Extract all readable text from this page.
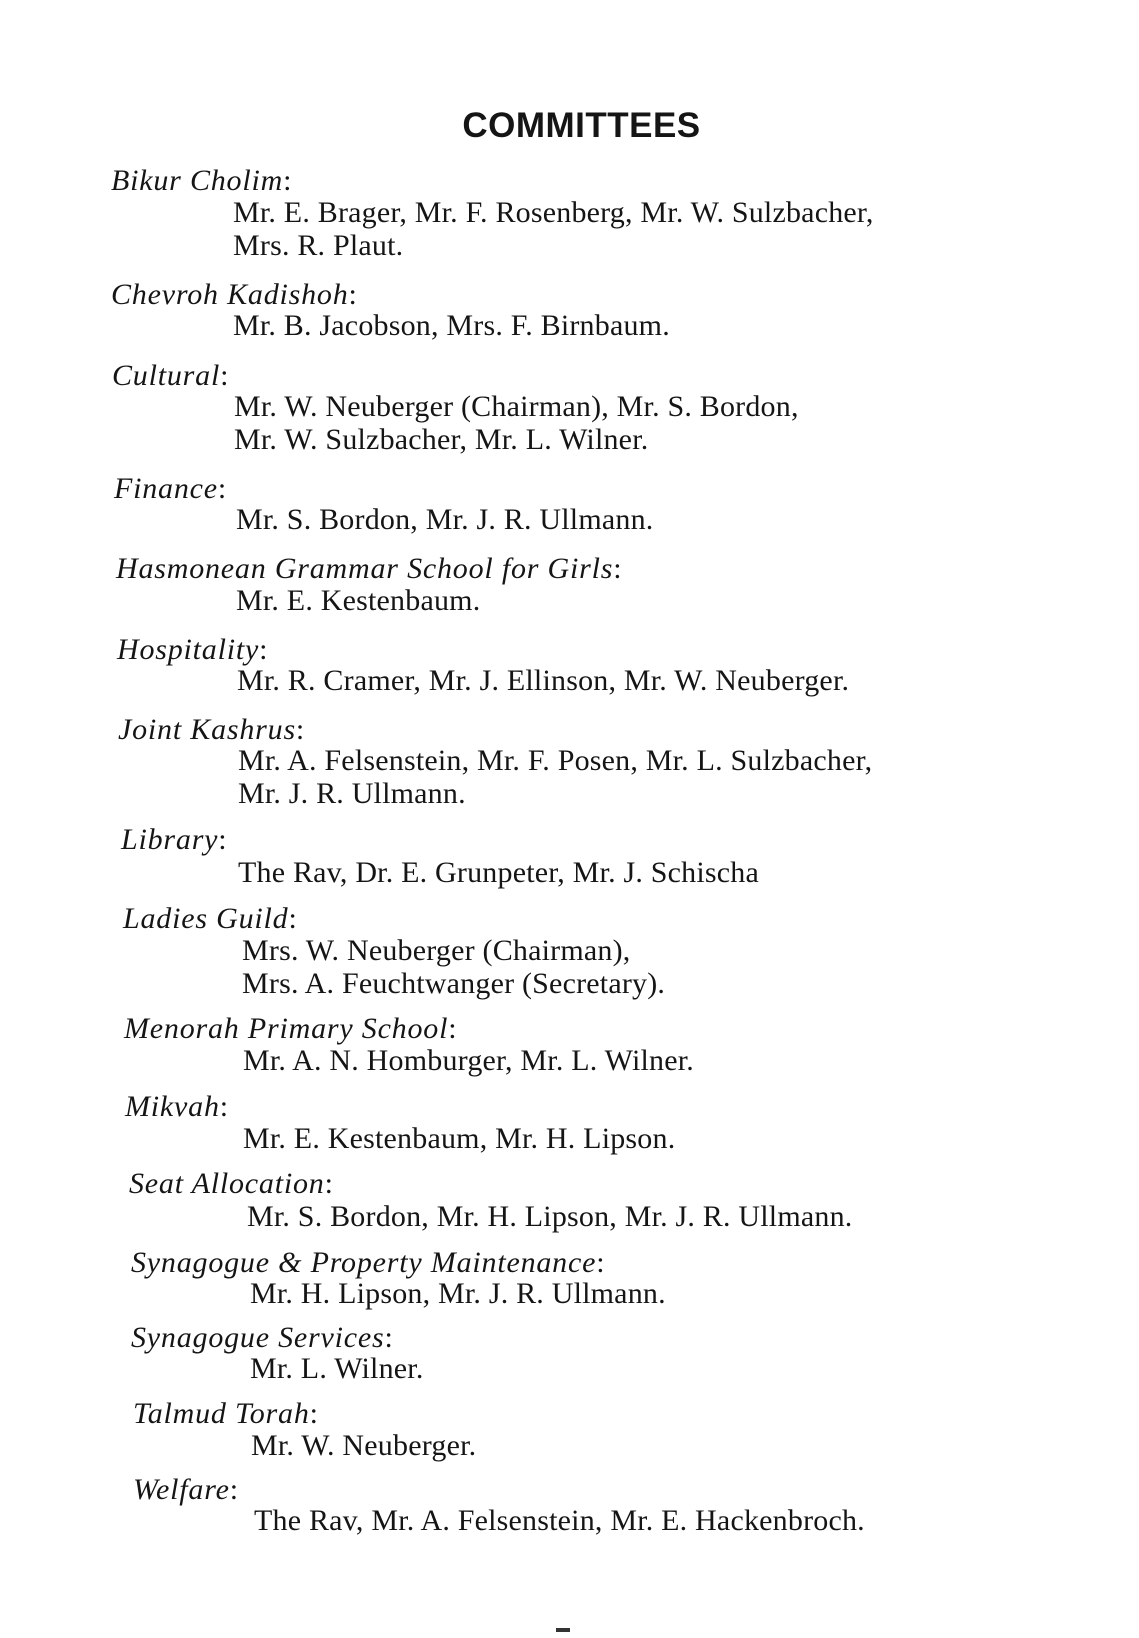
COMMITTEES
Bikur Cholim:
Mr. E. Brager, Mr. F. Rosenberg, Mr. W. Sulzbacher,
Mrs. R. Plaut.
Chevroh Kadishoh:
Mr. B. Jacobson, Mrs. F. Birnbaum.
Cultural:
Mr. W. Neuberger (Chairman), Mr. S. Bordon,
Mr. W. Sulzbacher, Mr. L. Wilner.
Finance:
Mr. S. Bordon, Mr. J. R. Ullmann.
Hasmonean Grammar School for Girls:
Mr. E. Kestenbaum.
Hospitality:
Mr. R. Cramer, Mr. J. Ellinson, Mr. W. Neuberger.
Joint Kashrus:
Mr. A. Felsenstein, Mr. F. Posen, Mr. L. Sulzbacher,
Mr. J. R. Ullmann.
Library:
The Rav, Dr. E. Grunpeter, Mr. J. Schischa
Ladies Guild:
Mrs. W. Neuberger (Chairman),
Mrs. A. Feuchtwanger (Secretary).
Menorah Primary School:
Mr. A. N. Homburger, Mr. L. Wilner.
Mikvah:
Mr. E. Kestenbaum, Mr. H. Lipson.
Seat Allocation:
Mr. S. Bordon, Mr. H. Lipson, Mr. J. R. Ullmann.
Synagogue & Property Maintenance:
Mr. H. Lipson, Mr. J. R. Ullmann.
Synagogue Services:
Mr. L. Wilner.
Talmud Torah:
Mr. W. Neuberger.
Welfare:
The Rav, Mr. A. Felsenstein, Mr. E. Hackenbroch.
